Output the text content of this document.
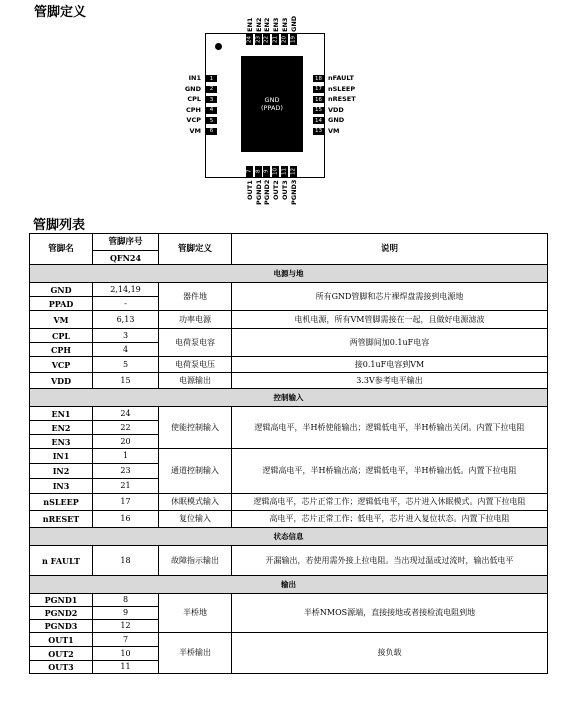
管脚定义
GND
(PPAD)
1
IN1
2
GND
3
CPL
4
CPH
5
VCP
6
VM
18 nFAULT
17 nSLEEP
16 nRESET
15 VDD
14 GND
13 VM
24
EN1
23
EN2
22
EN2
21
EN3
20
EN3
19
GND
7
OUT1
8
PGND1
9
PGND2
10
OUT2
11
OUT3
12
PGND3
管脚列表
管脚名	管脚序号	管脚定义	说明
	QFN24		
电源与地			
GND	2,14,19	器件地	所有GND管脚和芯片裸焊盘需接到电源地
PPAD	-		
VM	6,13	功率电源	电机电源，所有VM管脚需接在一起，且做好电源滤波
CPL	3	电荷泵电容	两管脚间加0.1uF电容
CPH	4		
VCP	5	电荷泵电压	接0.1uF电容到VM
VDD	15	电源输出	3.3V参考电平输出
控制输入			
EN1	24	使能控制输入	逻辑高电平，半H桥使能输出；逻辑低电平，半H桥输出关闭。内置下拉电阻
EN2	22		
EN3	20		
IN1	1	通道控制输入	逻辑高电平，半H桥输出高；逻辑低电平，半H桥输出低。内置下拉电阻
IN2	23		
IN3	21		
nSLEEP	17	休眠模式输入	逻辑高电平，芯片正常工作；逻辑低电平，芯片进入休眠模式。内置下拉电阻
nRESET	16	复位输入	高电平，芯片正常工作；低电平，芯片进入复位状态。内置下拉电阻
状态信息			
n FAULT	18	故障指示输出	开漏输出，若使用需外接上拉电阻。当出现过温或过流时，输出低电平
输出			
PGND1	8	半桥地	半桥NMOS源端，直接接地或者接检流电阻到地
PGND2	9		
PGND3	12		
OUT1	7	半桥输出	接负载
OUT2	10		
OUT3	11		
